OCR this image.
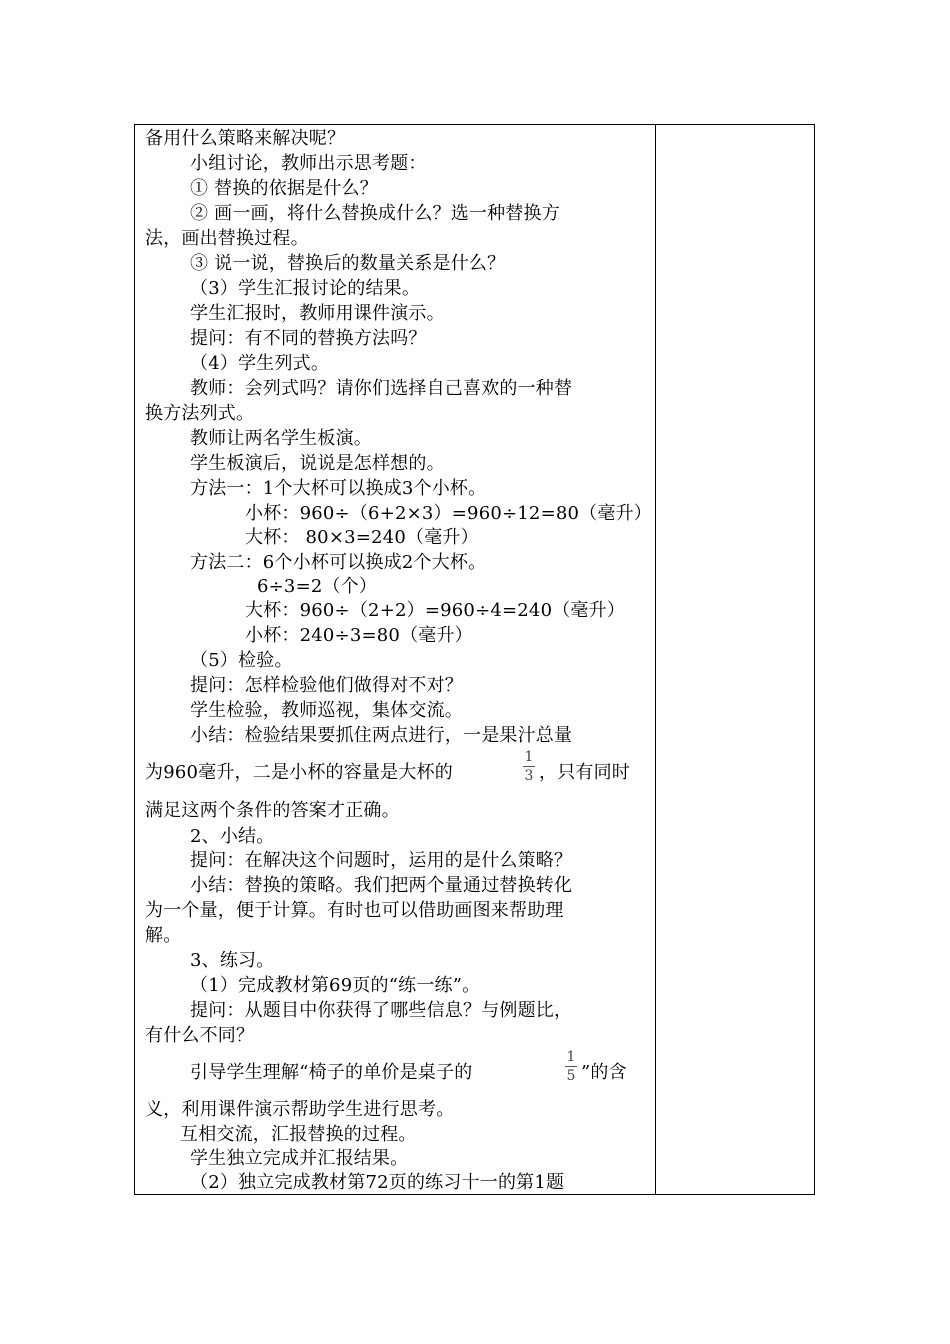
备用什么策略来解决呢？
小组讨论，教师出示思考题：
① 替换的依据是什么？
② 画一画，将什么替换成什么？选一种替换方
法，画出替换过程。
③ 说一说，替换后的数量关系是什么？
（3）学生汇报讨论的结果。
学生汇报时，教师用课件演示。
提问：有不同的替换方法吗？
（4）学生列式。
教师：会列式吗？请你们选择自己喜欢的一种替
换方法列式。
教师让两名学生板演。
学生板演后，说说是怎样想的。
方法一：1个大杯可以换成3个小杯。
小杯：960÷（6+2×3）=960÷12=80（毫升）
大杯： 80×3=240（毫升）
方法二：6个小杯可以换成2个大杯。
6÷3=2（个）
大杯：960÷（2+2）=960÷4=240（毫升）
小杯：240÷3=80（毫升）
（5）检验。
提问：怎样检验他们做得对不对？
学生检验，教师巡视，集体交流。
小结：检验结果要抓住两点进行，一是果汁总量
为960毫升，二是小杯的容量是大杯的
1
3 ，只有同时
满足这两个条件的答案才正确。
2、小结。
提问：在解决这个问题时，运用的是什么策略？
小结：替换的策略。我们把两个量通过替换转化
为一个量，便于计算。有时也可以借助画图来帮助理
解。
3、练习。
（1）完成教材第69页的“练一练”。
提问：从题目中你获得了哪些信息？与例题比，
有什么不同？
引导学生理解“椅子的单价是桌子的
1
5 ”的含
义，利用课件演示帮助学生进行思考。
互相交流，汇报替换的过程。
学生独立完成并汇报结果。
（2）独立完成教材第72页的练习十一的第1题
